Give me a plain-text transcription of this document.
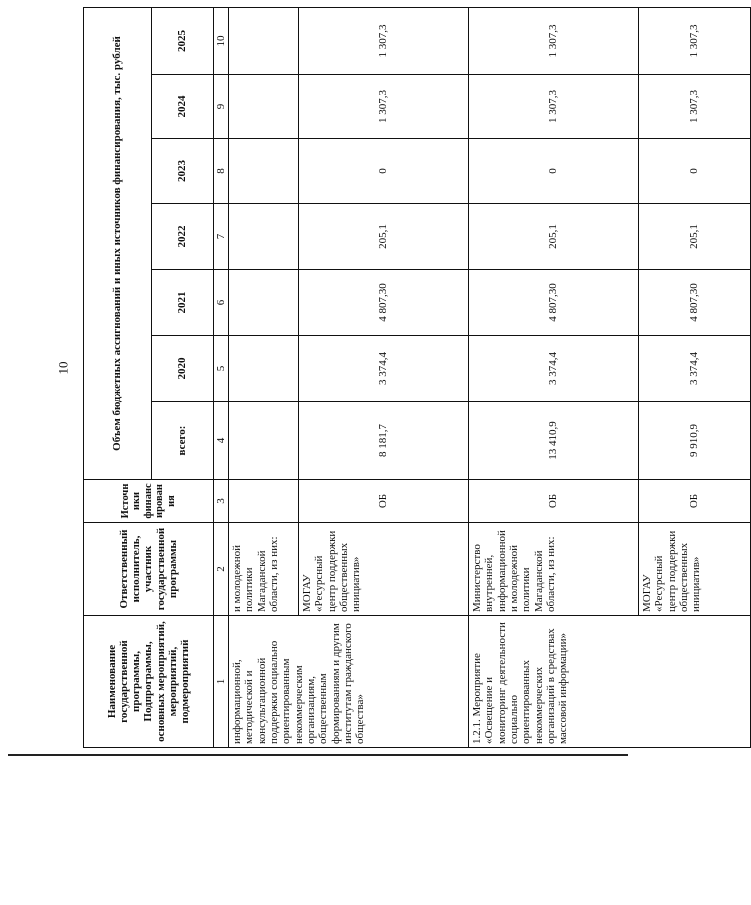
10
Наименование государственной программы, Подпрограммы, основных мероприятий, мероприятий, подмероприятий	Ответственный исполнитель, участник государственной программы	Источники финансирования	Объем бюджетных ассигнований и иных источников финансирования, тыс. рублей						
			всего:	2020	2021	2022	2023	2024	2025
1	2	3	4	5	6	7	8	9	10
информационной, методической и консультационной поддержки социально ориентированным некоммерческим организациям, общественным формированиям и другим институтам гражданского общества»	и молодежной политики Магаданской области, из них:								
	МОГАУ «Ресурсный центр поддержки общественных инициатив»	ОБ	8 181,7	3 374,4	4 807,30	205,1	0	1 307,3	1 307,3
1.2.1. Мероприятие «Освещение и мониторинг деятельности социально ориентированных некоммерческих организаций в средствах массовой информации»	Министерство внутренней, информационной и молодежной политики Магаданской области, из них:	ОБ	13 410,9	3 374,4	4 807,30	205,1	0	1 307,3	1 307,3
	МОГАУ «Ресурсный центр поддержки общественных инициатив»	ОБ	9 910,9	3 374,4	4 807,30	205,1	0	1 307,3	1 307,3
